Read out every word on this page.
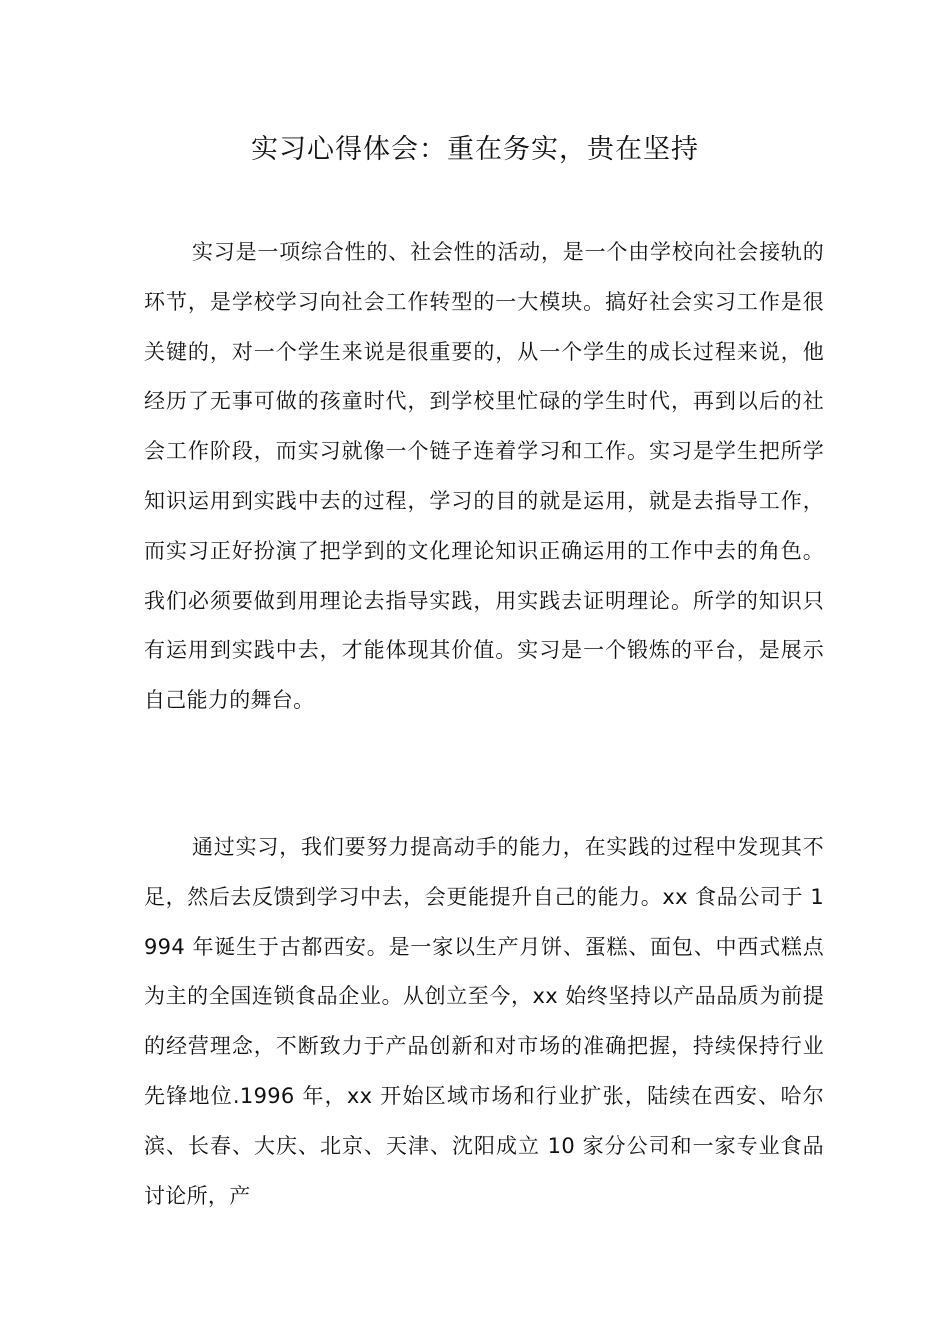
实习心得体会：重在务实，贵在坚持

实习是一项综合性的、社会性的活动，是一个由学校向社会接轨的环节，是学校学习向社会工作转型的一大模块。搞好社会实习工作是很关键的，对一个学生来说是很重要的，从一个学生的成长过程来说，他经历了无事可做的孩童时代，到学校里忙碌的学生时代，再到以后的社会工作阶段，而实习就像一个链子连着学习和工作。实习是学生把所学知识运用到实践中去的过程，学习的目的就是运用，就是去指导工作，而实习正好扮演了把学到的文化理论知识正确运用的工作中去的角色。我们必须要做到用理论去指导实践，用实践去证明理论。所学的知识只有运用到实践中去，才能体现其价值。实习是一个锻炼的平台，是展示自己能力的舞台。

通过实习，我们要努力提高动手的能力，在实践的过程中发现其不足，然后去反馈到学习中去，会更能提升自己的能力。xx 食品公司于 1994 年诞生于古都西安。是一家以生产月饼、蛋糕、面包、中西式糕点为主的全国连锁食品企业。从创立至今，xx 始终坚持以产品品质为前提的经营理念，不断致力于产品创新和对市场的准确把握，持续保持行业先锋地位.1996 年，xx 开始区域市场和行业扩张，陆续在西安、哈尔滨、长春、大庆、北京、天津、沈阳成立 10 家分公司和一家专业食品讨论所，产
